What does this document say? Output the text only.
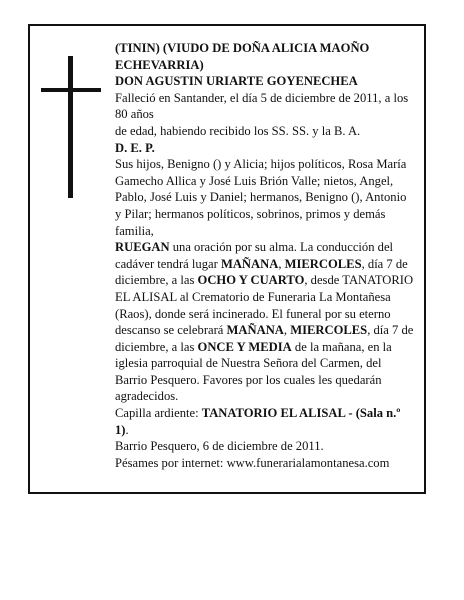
(TININ) (VIUDO DE DOÑA ALICIA MAOÑO ECHEVARRIA)

DON AGUSTIN URIARTE GOYENECHEA

Falleció en Santander, el día 5 de diciembre de 2011, a los 80 años

de edad, habiendo recibido los SS. SS. y la B. A.

D. E. P.

Sus hijos, Benigno () y Alicia; hijos políticos, Rosa María Gamecho Allica y José Luis Brión Valle; nietos, Angel, Pablo, José Luis y Daniel; hermanos, Benigno (), Antonio y Pilar; hermanos políticos, sobrinos, primos y demás familia,

RUEGAN una oración por su alma. La conducción del cadáver tendrá lugar MAÑANA, MIERCOLES, día 7 de diciembre, a las OCHO Y CUARTO, desde TANATORIO EL ALISAL al Crematorio de Funeraria La Montañesa (Raos), donde será incinerado. El funeral por su eterno descanso se celebrará MAÑANA, MIERCOLES, día 7 de diciembre, a las ONCE Y MEDIA de la mañana, en la iglesia parroquial de Nuestra Señora del Carmen, del Barrio Pesquero. Favores por los cuales les quedarán agradecidos.

Capilla ardiente: TANATORIO EL ALISAL - (Sala n.º 1).

Barrio Pesquero, 6 de diciembre de 2011.

Pésames por internet: www.funerarialamontanesa.com
